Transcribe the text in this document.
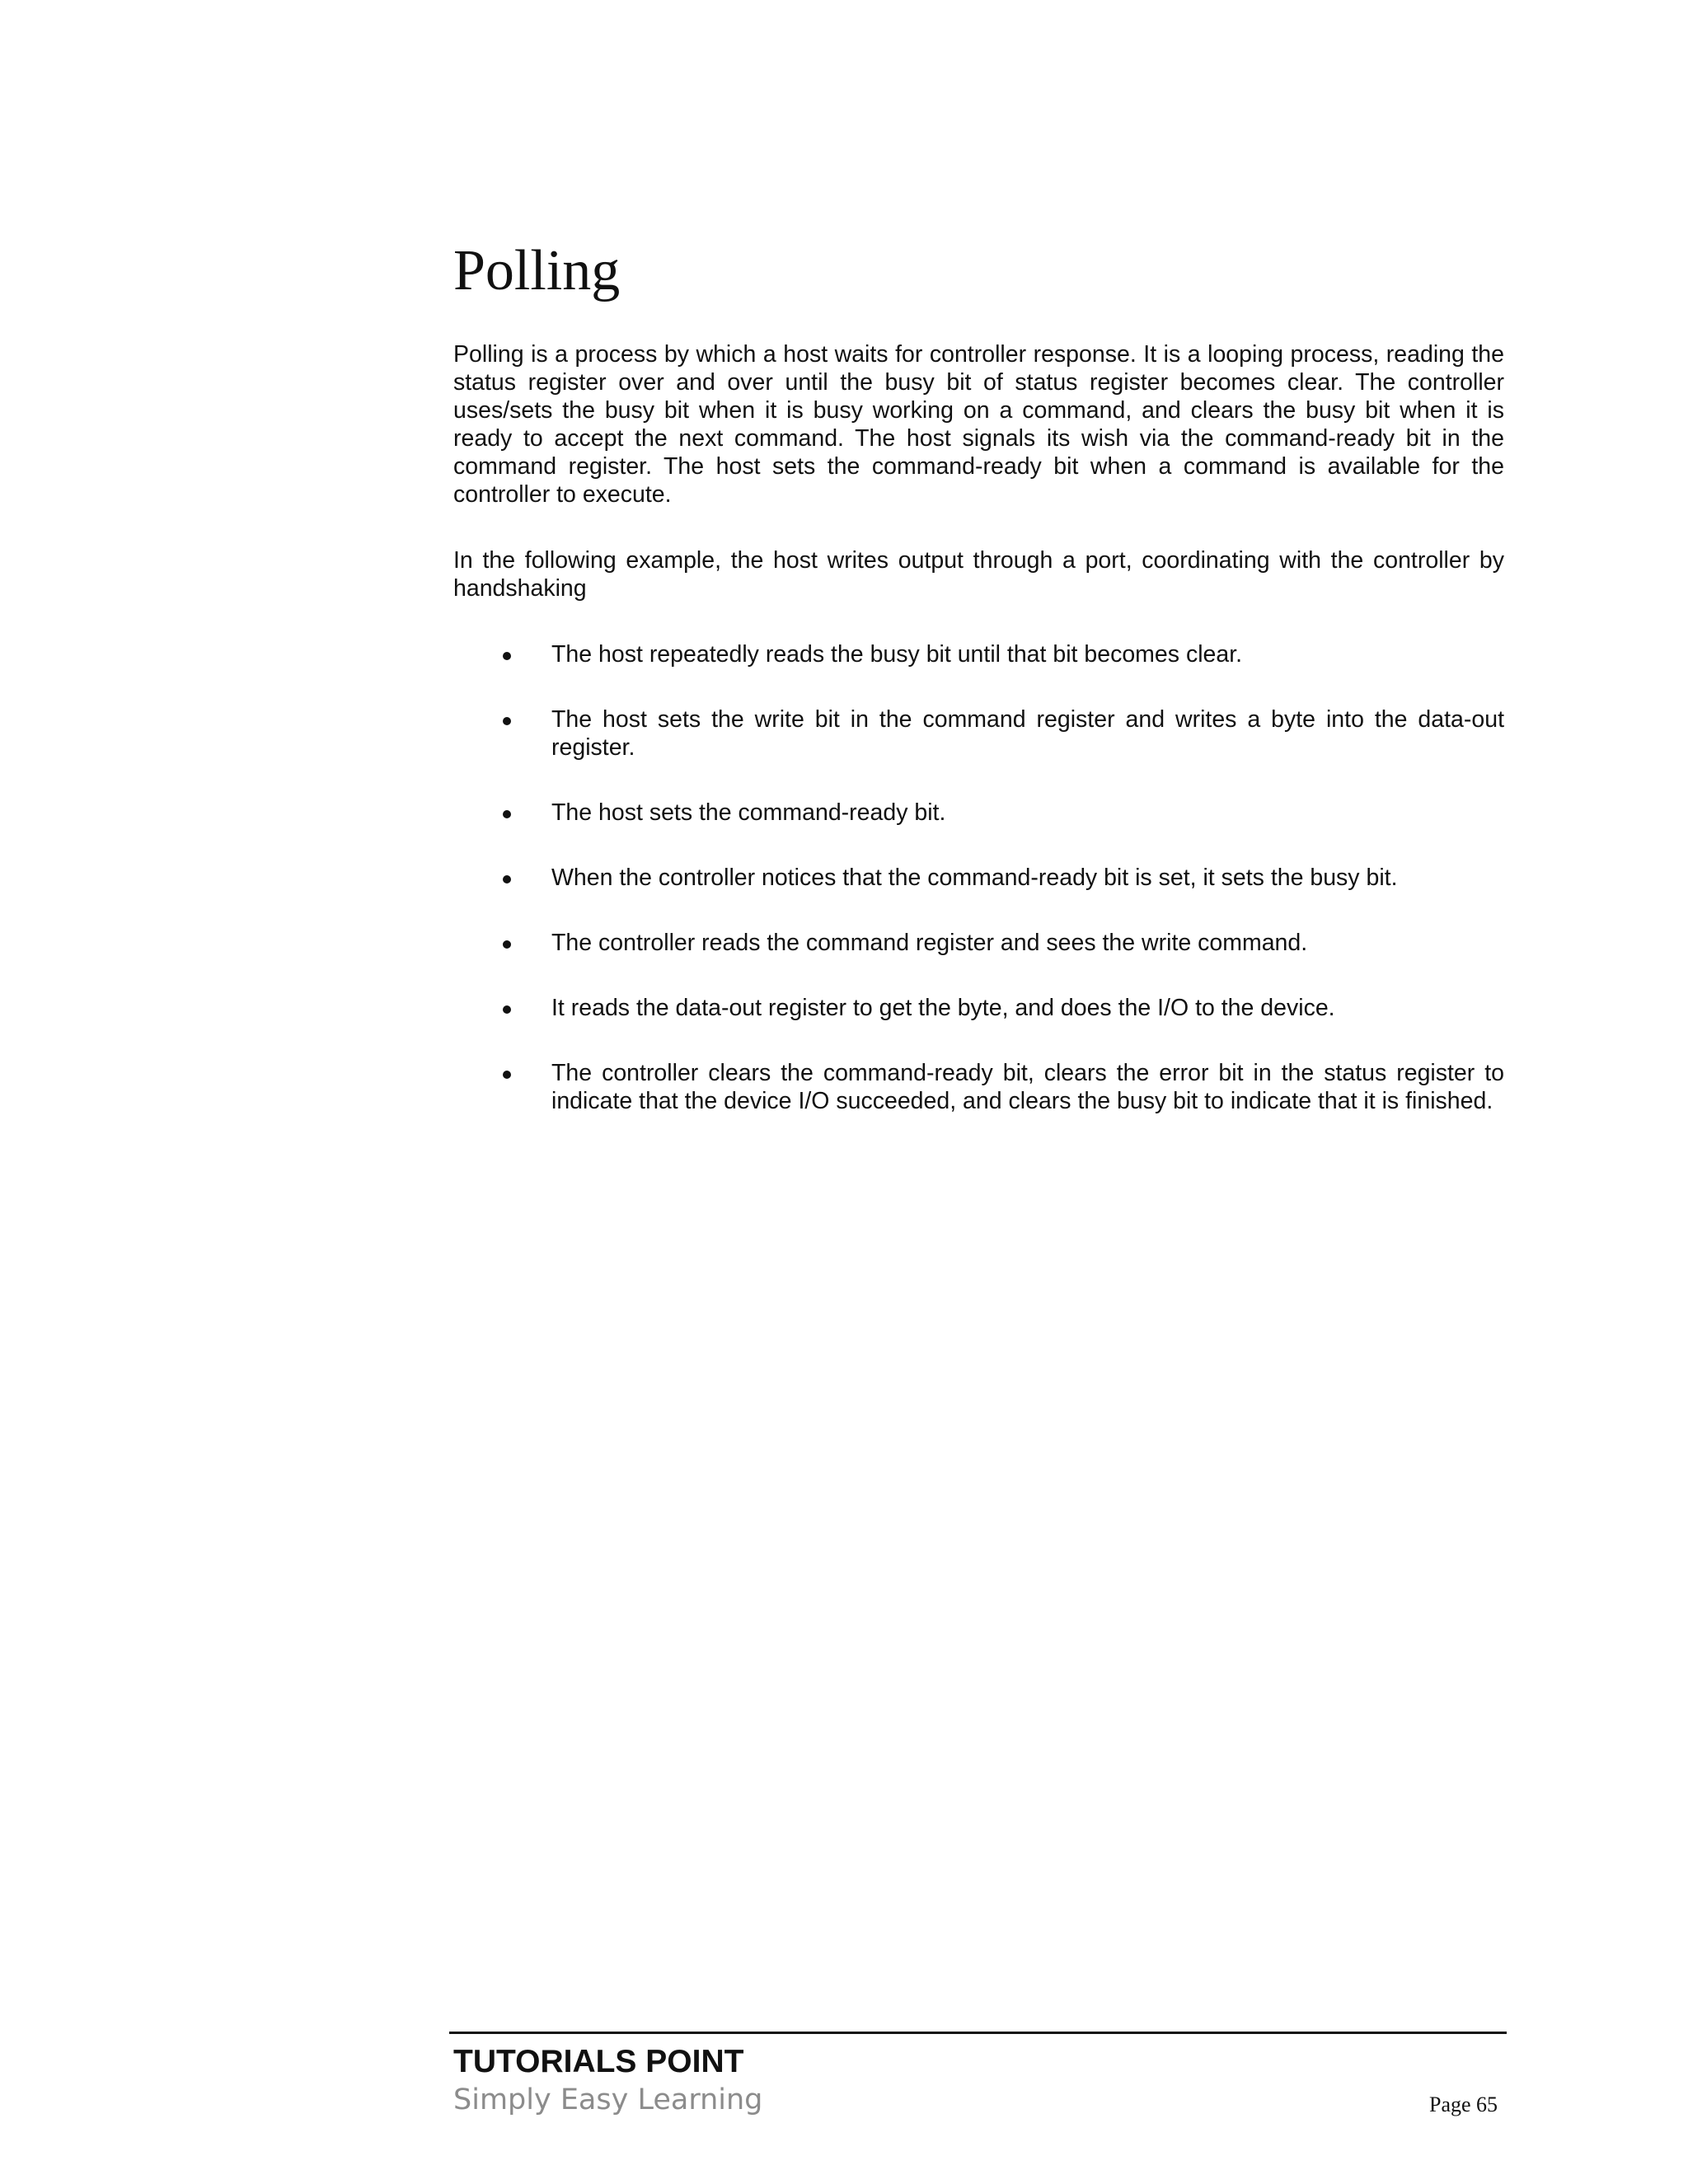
Polling

Polling is a process by which a host waits for controller response. It is a looping process, reading the status register over and over until the busy bit of status register becomes clear. The controller uses/sets the busy bit when it is busy working on a command, and clears the busy bit when it is ready to accept the next command. The host signals its wish via the command-ready bit in the command register. The host sets the command-ready bit when a command is available for the controller to execute.

In the following example, the host writes output through a port, coordinating with the controller by handshaking

The host repeatedly reads the busy bit until that bit becomes clear.
The host sets the write bit in the command register and writes a byte into the data-out register.
The host sets the command-ready bit.
When the controller notices that the command-ready bit is set, it sets the busy bit.
The controller reads the command register and sees the write command.
It reads the data-out register to get the byte, and does the I/O to the device.
The controller clears the command-ready bit, clears the error bit in the status register to indicate that the device I/O succeeded, and clears the busy bit to indicate that it is finished.
TUTORIALS POINT
Simply Easy Learning	Page 65
